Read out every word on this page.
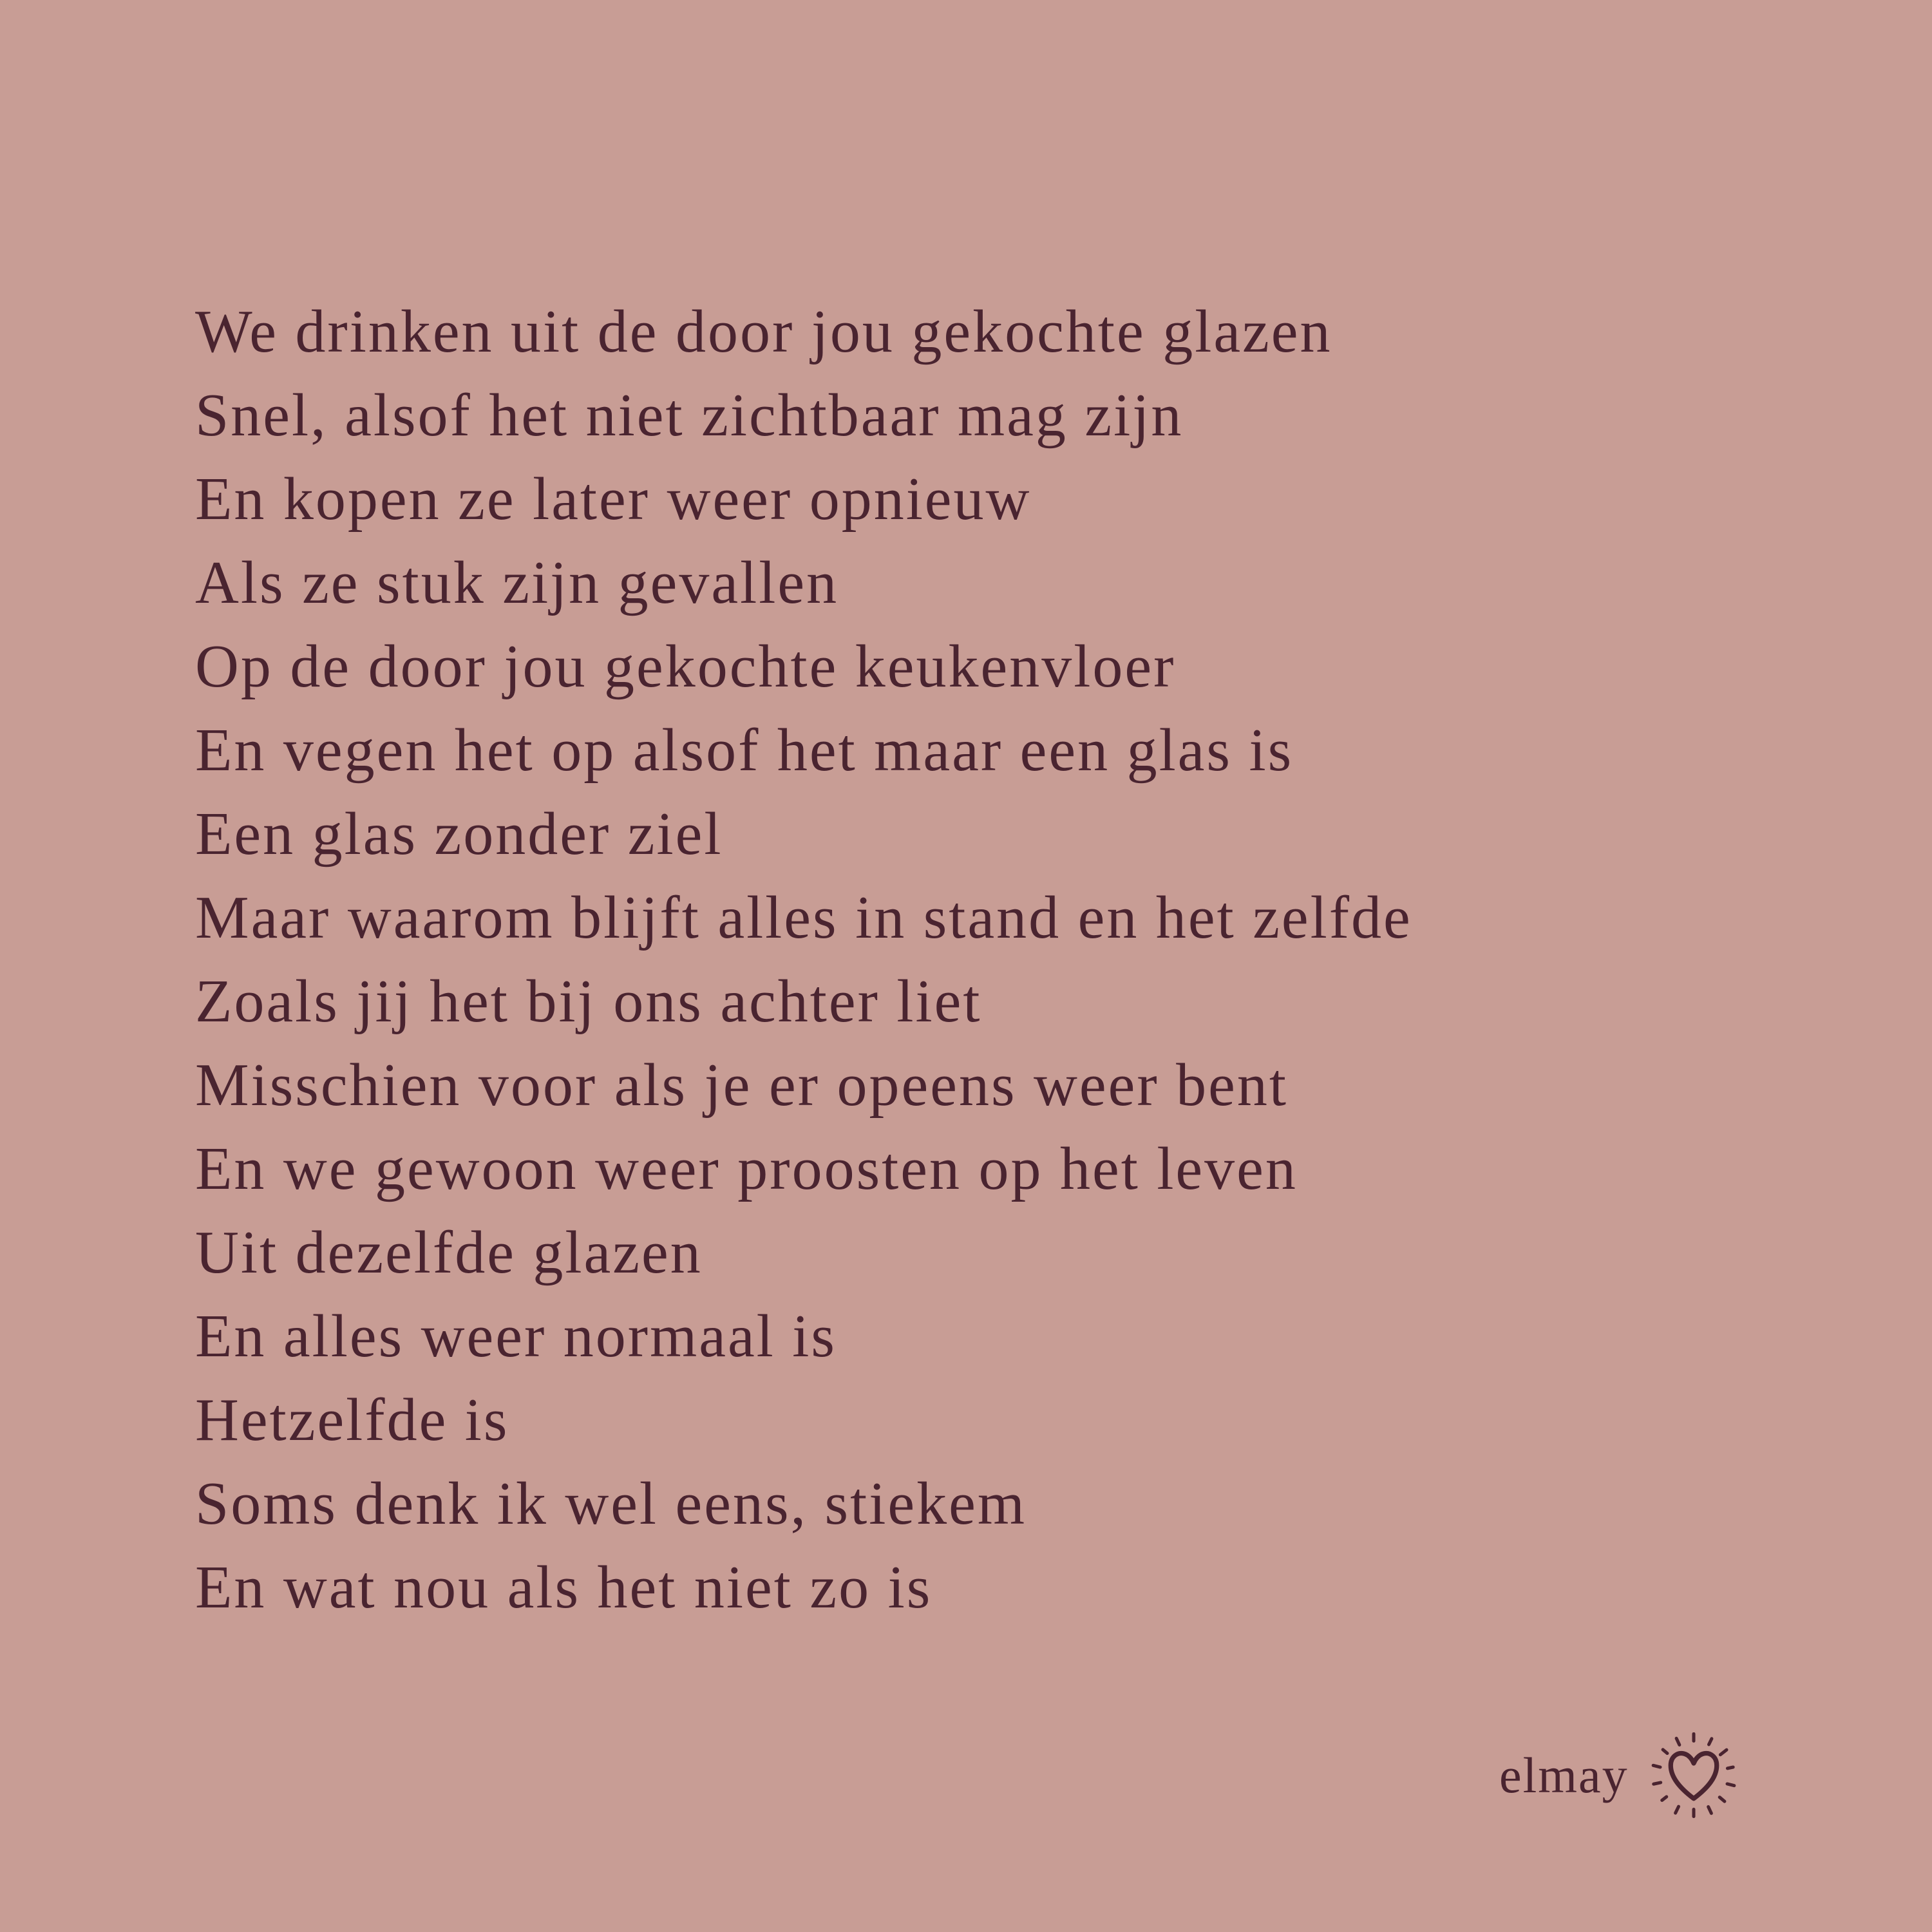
We drinken uit de door jou gekochte glazen
Snel, alsof het niet zichtbaar mag zijn
En kopen ze later weer opnieuw
Als ze stuk zijn gevallen
Op de door jou gekochte keukenvloer
En vegen het op alsof het maar een glas is
Een glas zonder ziel
Maar waarom blijft alles in stand en het zelfde
Zoals jij het bij ons achter liet
Misschien voor als je er opeens weer bent
En we gewoon weer proosten op het leven
Uit dezelfde glazen
En alles weer normaal is
Hetzelfde is
Soms denk ik wel eens, stiekem
En wat nou als het niet zo is
elmay
